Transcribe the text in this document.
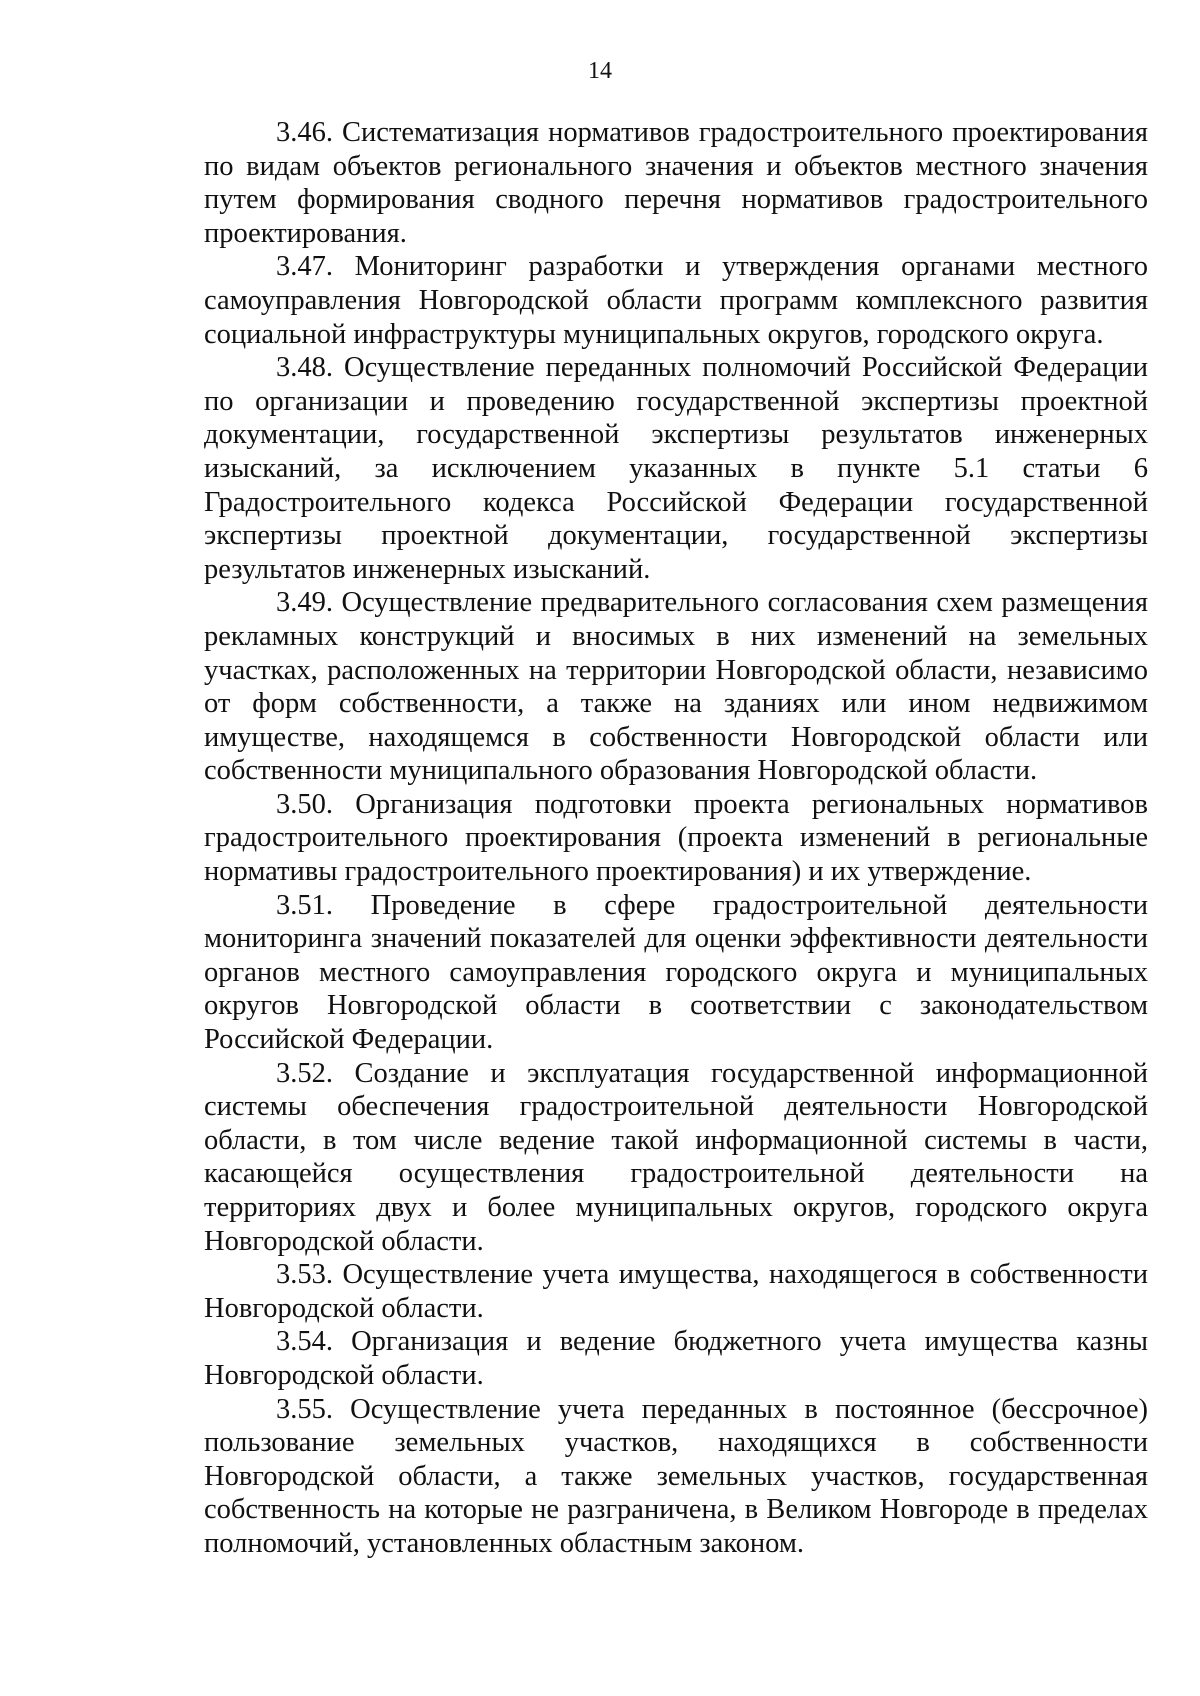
14

3.46. Систематизация нормативов градостроительного проектирования по видам объектов регионального значения и объектов местного значения путем формирования сводного перечня нормативов градостроительного проектирования.

3.47. Мониторинг разработки и утверждения органами местного самоуправления Новгородской области программ комплексного развития социальной инфраструктуры муниципальных округов, городского округа.

3.48. Осуществление переданных полномочий Российской Федерации по организации и проведению государственной экспертизы проектной документации, государственной экспертизы результатов инженерных изысканий, за исключением указанных в пункте 5.1 статьи 6 Градостроительного кодекса Российской Федерации государственной экспертизы проектной документации, государственной экспертизы результатов инженерных изысканий.

3.49. Осуществление предварительного согласования схем размещения рекламных конструкций и вносимых в них изменений на земельных участках, расположенных на территории Новгородской области, независимо от форм собственности, а также на зданиях или ином недвижимом имуществе, находящемся в собственности Новгородской области или собственности муниципального образования Новгородской области.

3.50. Организация подготовки проекта региональных нормативов градостроительного проектирования (проекта изменений в региональные нормативы градостроительного проектирования) и их утверждение.

3.51. Проведение в сфере градостроительной деятельности мониторинга значений показателей для оценки эффективности деятельности органов местного самоуправления городского округа и муниципальных округов Новгородской области в соответствии с законодательством Российской Федерации.

3.52. Создание и эксплуатация государственной информационной системы обеспечения градостроительной деятельности Новгородской области, в том числе ведение такой информационной системы в части, касающейся осуществления градостроительной деятельности на территориях двух и более муниципальных округов, городского округа Новгородской области.

3.53. Осуществление учета имущества, находящегося в собственности Новгородской области.

3.54. Организация и ведение бюджетного учета имущества казны Новгородской области.

3.55. Осуществление учета переданных в постоянное (бессрочное) пользование земельных участков, находящихся в собственности Новгородской области, а также земельных участков, государственная собственность на которые не разграничена, в Великом Новгороде в пределах полномочий, установленных областным законом.
